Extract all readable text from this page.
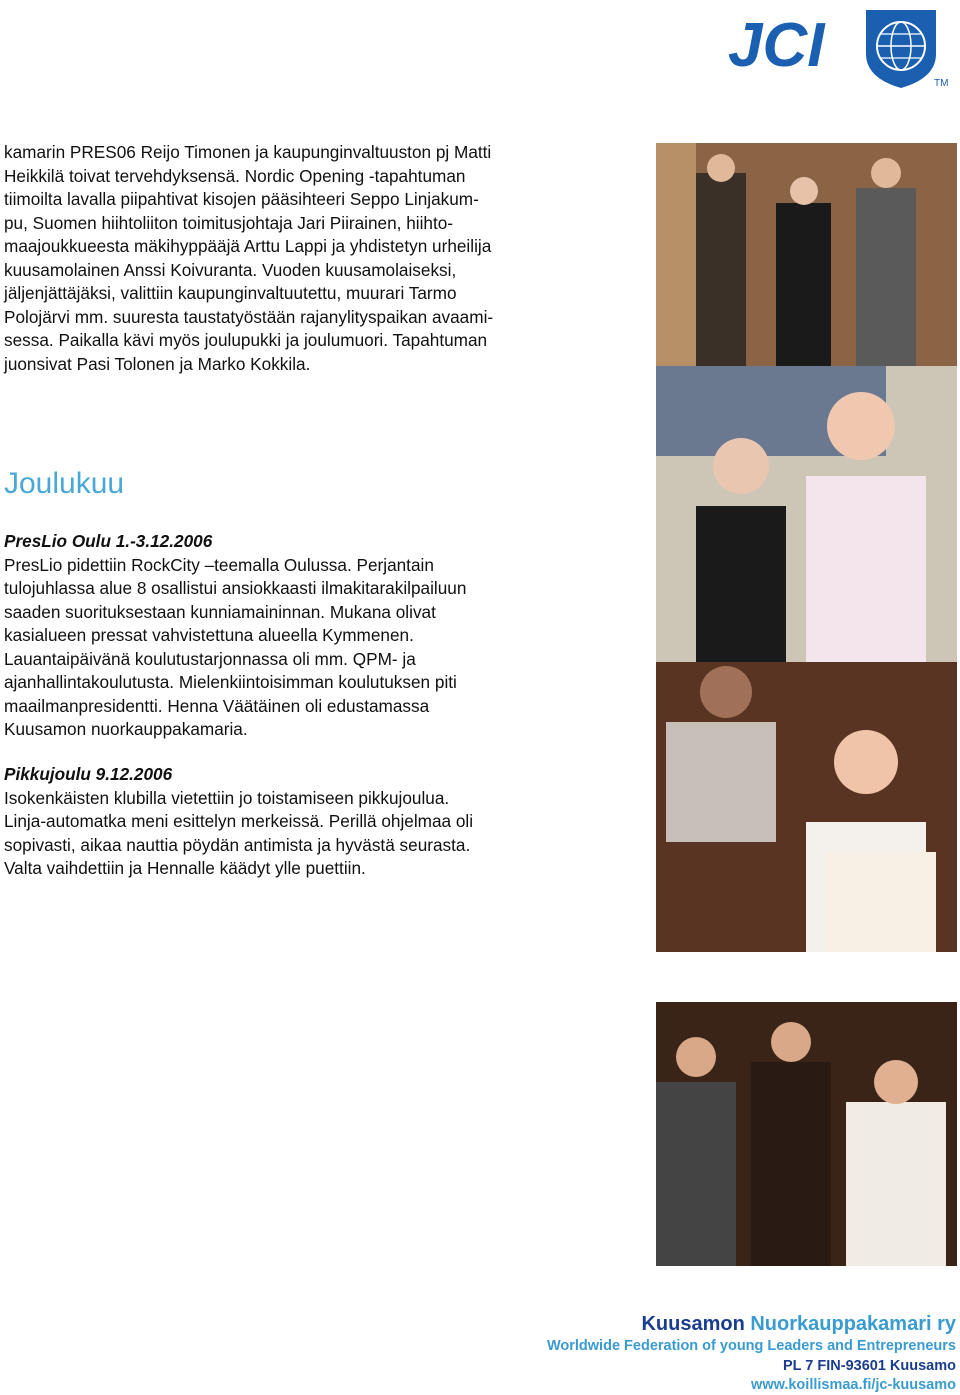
JCI
TM
kamarin PRES06 Reijo Timonen ja kaupunginvaltuuston pj Matti
Heikkilä toivat tervehdyksensä. Nordic Opening -tapahtuman
tiimoilta lavalla piipahtivat kisojen pääsihteeri Seppo Linjakum-
pu, Suomen hiihtoliiton toimitusjohtaja Jari Piirainen, hiihto-
maajoukkueesta mäkihyppääjä Arttu Lappi ja yhdistetyn urheilija
kuusamolainen Anssi Koivuranta. Vuoden kuusamolaiseksi,
jäljenjättäjäksi, valittiin kaupunginvaltuutettu, muurari Tarmo
Polojärvi mm. suuresta taustatyöstään rajanylityspaikan avaami-
sessa. Paikalla kävi myös joulupukki ja joulumuori. Tapahtuman
juonsivat Pasi Tolonen ja Marko Kokkila.
Joulukuu
PresLio Oulu 1.-3.12.2006
PresLio pidettiin RockCity –teemalla Oulussa. Perjantain
tulojuhlassa alue 8 osallistui ansiokkaasti ilmakitarakilpailuun
saaden suorituksestaan kunniamaininnan. Mukana olivat
kasialueen pressat vahvistettuna alueella Kymmenen.
Lauantaipäivänä koulutustarjonnassa oli mm. QPM- ja
ajanhallintakoulutusta. Mielenkiintoisimman koulutuksen piti
maailmanpresidentti. Henna Väätäinen oli edustamassa
Kuusamon nuorkauppakamaria.
Pikkujoulu 9.12.2006
Isokenkäisten klubilla vietettiin jo toistamiseen pikkujoulua.
Linja-automatka meni esittelyn merkeissä. Perillä ohjelmaa oli
sopivasti, aikaa nauttia pöydän antimista ja hyvästä seurasta.
Valta vaihdettiin ja Hennalle käädyt ylle puettiin.
Kuusamon Nuorkauppakamari ry
Worldwide Federation of young Leaders and Entrepreneurs
PL 7 FIN-93601 Kuusamo
www.koillismaa.fi/jc-kuusamo
